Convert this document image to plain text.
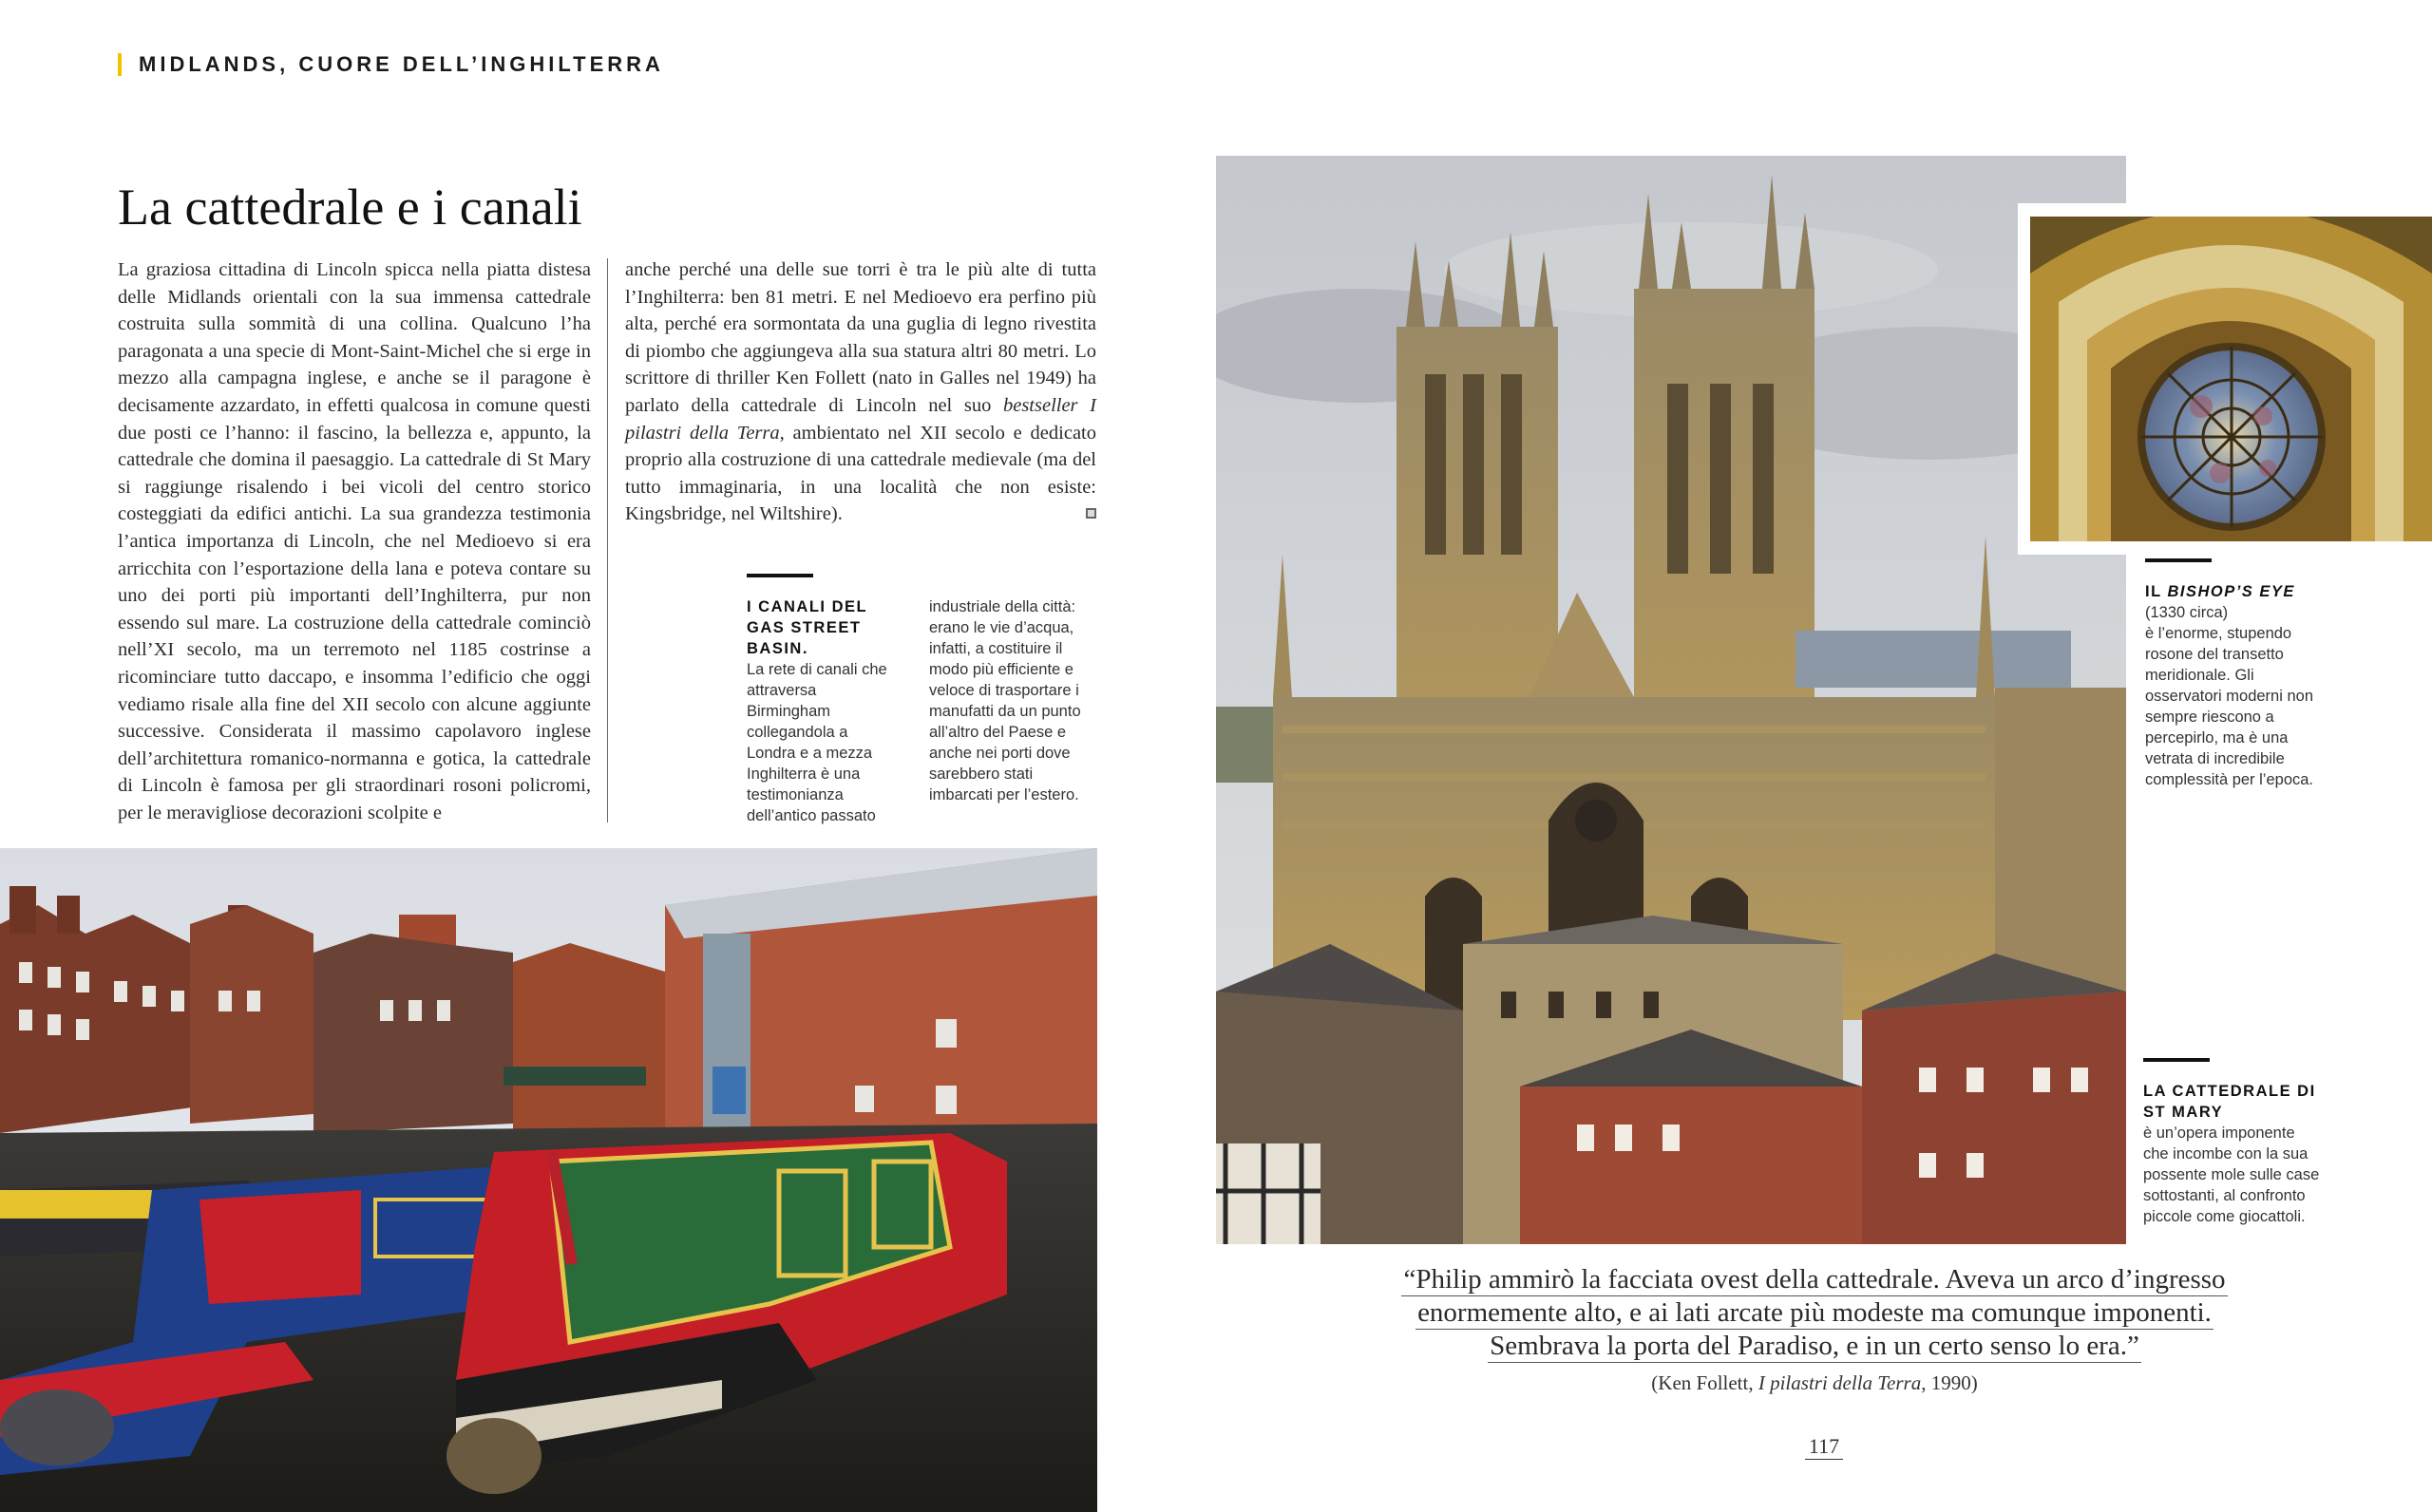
MIDLANDS, CUORE DELL’INGHILTERRA
La cattedrale e i canali
La graziosa cittadina di Lincoln spicca nella piatta distesa delle Midlands orientali con la sua immensa cattedrale costruita sulla sommità di una collina. Qualcuno l’ha paragonata a una specie di Mont-Saint-Michel che si erge in mezzo alla campagna inglese, e anche se il paragone è decisamente azzardato, in effetti qualcosa in comune questi due posti ce l’hanno: il fascino, la bellezza e, appunto, la cattedrale che domina il paesaggio. La cattedrale di St Mary si raggiunge risalendo i bei vicoli del centro storico costeggiati da edifici antichi. La sua grandezza testimonia l’antica importanza di Lincoln, che nel Medioevo si era arricchita con l’esportazione della lana e poteva contare su uno dei porti più importanti dell’Inghilterra, pur non essendo sul mare. La costruzione della cattedrale cominciò nell’XI secolo, ma un terremoto nel 1185 costrinse a ricominciare tutto daccapo, e insomma l’edificio che oggi vediamo risale alla fine del XII secolo con alcune aggiunte successive. Considerata il massimo capolavoro inglese dell’architettura romanico-normanna e gotica, la cattedrale di Lincoln è famosa per gli straordinari rosoni policromi, per le meravigliose decorazioni scolpite e
anche perché una delle sue torri è tra le più alte di tutta l’Inghilterra: ben 81 metri. E nel Medioevo era perfino più alta, perché era sormontata da una guglia di legno rivestita di piombo che aggiungeva alla sua statura altri 80 metri. Lo scrittore di thriller Ken Follett (nato in Galles nel 1949) ha parlato della cattedrale di Lincoln nel suo bestseller I pilastri della Terra, ambientato nel XII secolo e dedicato proprio alla costruzione di una cattedrale medievale (ma del tutto immaginaria, in una località che non esiste: Kingsbridge, nel Wiltshire).
I CANALI DEL GAS STREET BASIN.
La rete di canali che attraversa Birmingham collegandola a Londra e a mezza Inghilterra è una testimonianza dell’antico passato
industriale della città: erano le vie d’acqua, infatti, a costituire il modo più efficiente e veloce di trasportare i manufatti da un punto all’altro del Paese e anche nei porti dove sarebbero stati imbarcati per l’estero.
IL BISHOP’S EYE (1330 circa)
è l’enorme, stupendo rosone del transetto meridionale. Gli osservatori moderni non sempre riescono a percepirlo, ma è una vetrata di incredibile complessità per l’epoca.
LA CATTEDRALE DI ST MARY
è un’opera imponente che incombe con la sua possente mole sulle case sottostanti, al confronto piccole come giocattoli.
“Philip ammirò la facciata ovest della cattedrale. Aveva un arco d’ingresso
enormemente alto, e ai lati arcate più modeste ma comunque imponenti.
Sembrava la porta del Paradiso, e in un certo senso lo era.”
(Ken Follett, I pilastri della Terra, 1990)
117
